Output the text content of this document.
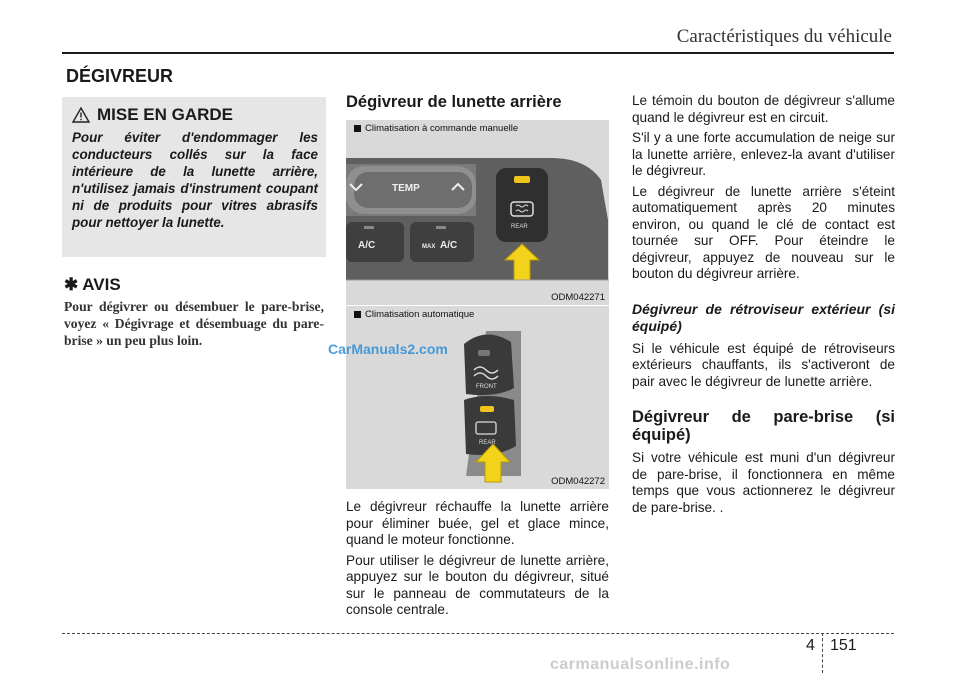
Caractéristiques du véhicule
DÉGIVREUR
MISE EN GARDE
Pour éviter d'endommager les conducteurs collés sur la face intérieure de la lunette arrière, n'utilisez jamais d'instrument coupant ni de produits pour vitres abrasifs pour nettoyer la lunette.
✱ AVIS
Pour dégivrer ou désembuer le pare-brise, voyez « Dégivrage et désembuage du pare-brise » un peu plus loin.
Dégivreur de lunette arrière
TEMP
A/C	MAX A/C
REAR
Climatisation à commande manuelle
ODM042271
FRONT
REAR
Climatisation automatique
ODM042272
CarManuals2.com

Le dégivreur réchauffe la lunette arrière pour éliminer buée, gel et glace mince, quand le moteur fonctionne.

Pour utiliser le dégivreur de lunette arrière, appuyez sur le bouton du dégivreur, situé sur le panneau de commutateurs de la console centrale.

Le témoin du bouton de dégivreur s'allume quand le dégivreur est en circuit.

S'il y a une forte accumulation de neige sur la lunette arrière, enlevez-la avant d'utiliser le dégivreur.

Le dégivreur de lunette arrière s'éteint automatiquement après 20 minutes environ, ou quand le clé de contact est tournée sur OFF. Pour éteindre le dégivreur, appuyez de nouveau sur le bouton du dégivreur arrière.

Dégivreur de rétroviseur extérieur (si équipé)

Si le véhicule est équipé de rétroviseurs extérieurs chauffants, ils s'activeront de pair avec le dégivreur de lunette arrière.

Dégivreur de pare-brise (si équipé)

Si votre véhicule est muni d'un dégivreur de pare-brise, il fonctionnera en même temps que vous actionnerez le dégivreur de pare-brise. .

4 151
carmanualsonline.info
